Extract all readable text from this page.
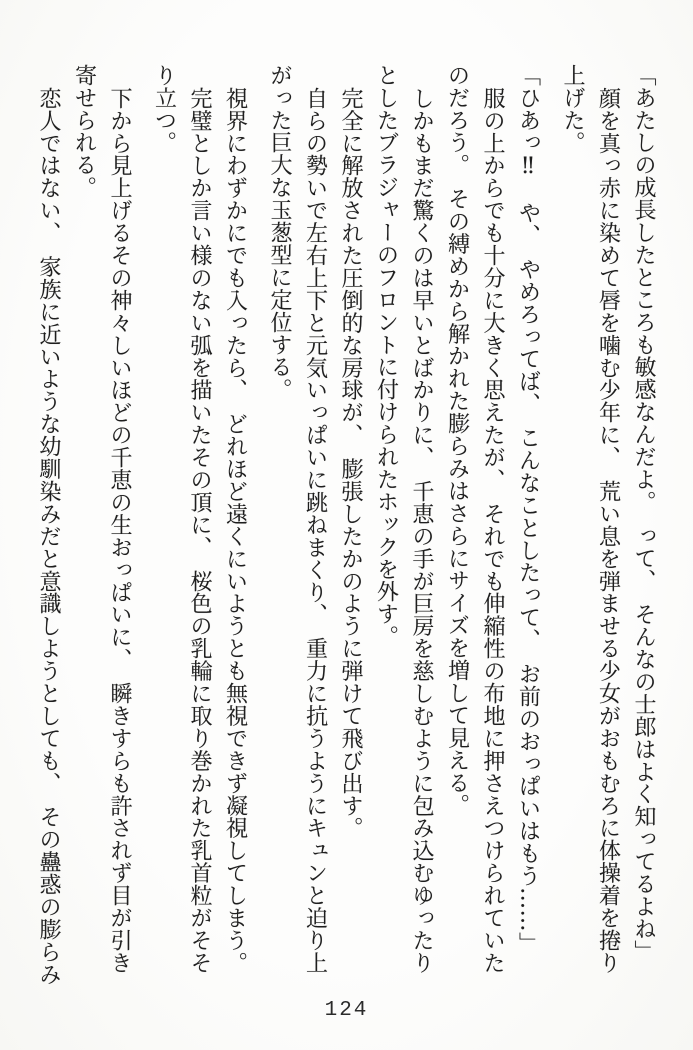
「あたしの成長したところも敏感なんだよ。　って、　そんなの士郎はよく知ってるよね」
顔を真っ赤に染めて唇を噛む少年に、　荒い息を弾ませる少女がおもむろに体操着を捲り
上げた。
「ひあっ‼　や、　やめろってば、　こんなことしたって、　お前のおっぱいはもう……」
服の上からでも十分に大きく思えたが、　それでも伸縮性の布地に押さえつけられていた
のだろう。　その縛めから解かれた膨らみはさらにサイズを増して見える。
しかもまだ驚くのは早いとばかりに、　千恵の手が巨房を慈しむように包み込むゆったり
としたブラジャーのフロントに付けられたホックを外す。
完全に解放された圧倒的な房球が、　膨張したかのように弾けて飛び出す。
自らの勢いで左右上下と元気いっぱいに跳ねまくり、　重力に抗うようにキュンと迫り上
がった巨大な玉葱型に定位する。
視界にわずかにでも入ったら、　どれほど遠くにいようとも無視できず凝視してしまう。
完璧としか言い様のない弧を描いたその頂に、　桜色の乳輪に取り巻かれた乳首粒がそそ
り立つ。
下から見上げるその神々しいほどの千恵の生おっぱいに、　瞬きすらも許されず目が引き
寄せられる。
恋人ではない、　家族に近いような幼馴染みだと意識しようとしても、　その蠱惑の膨らみ
124
